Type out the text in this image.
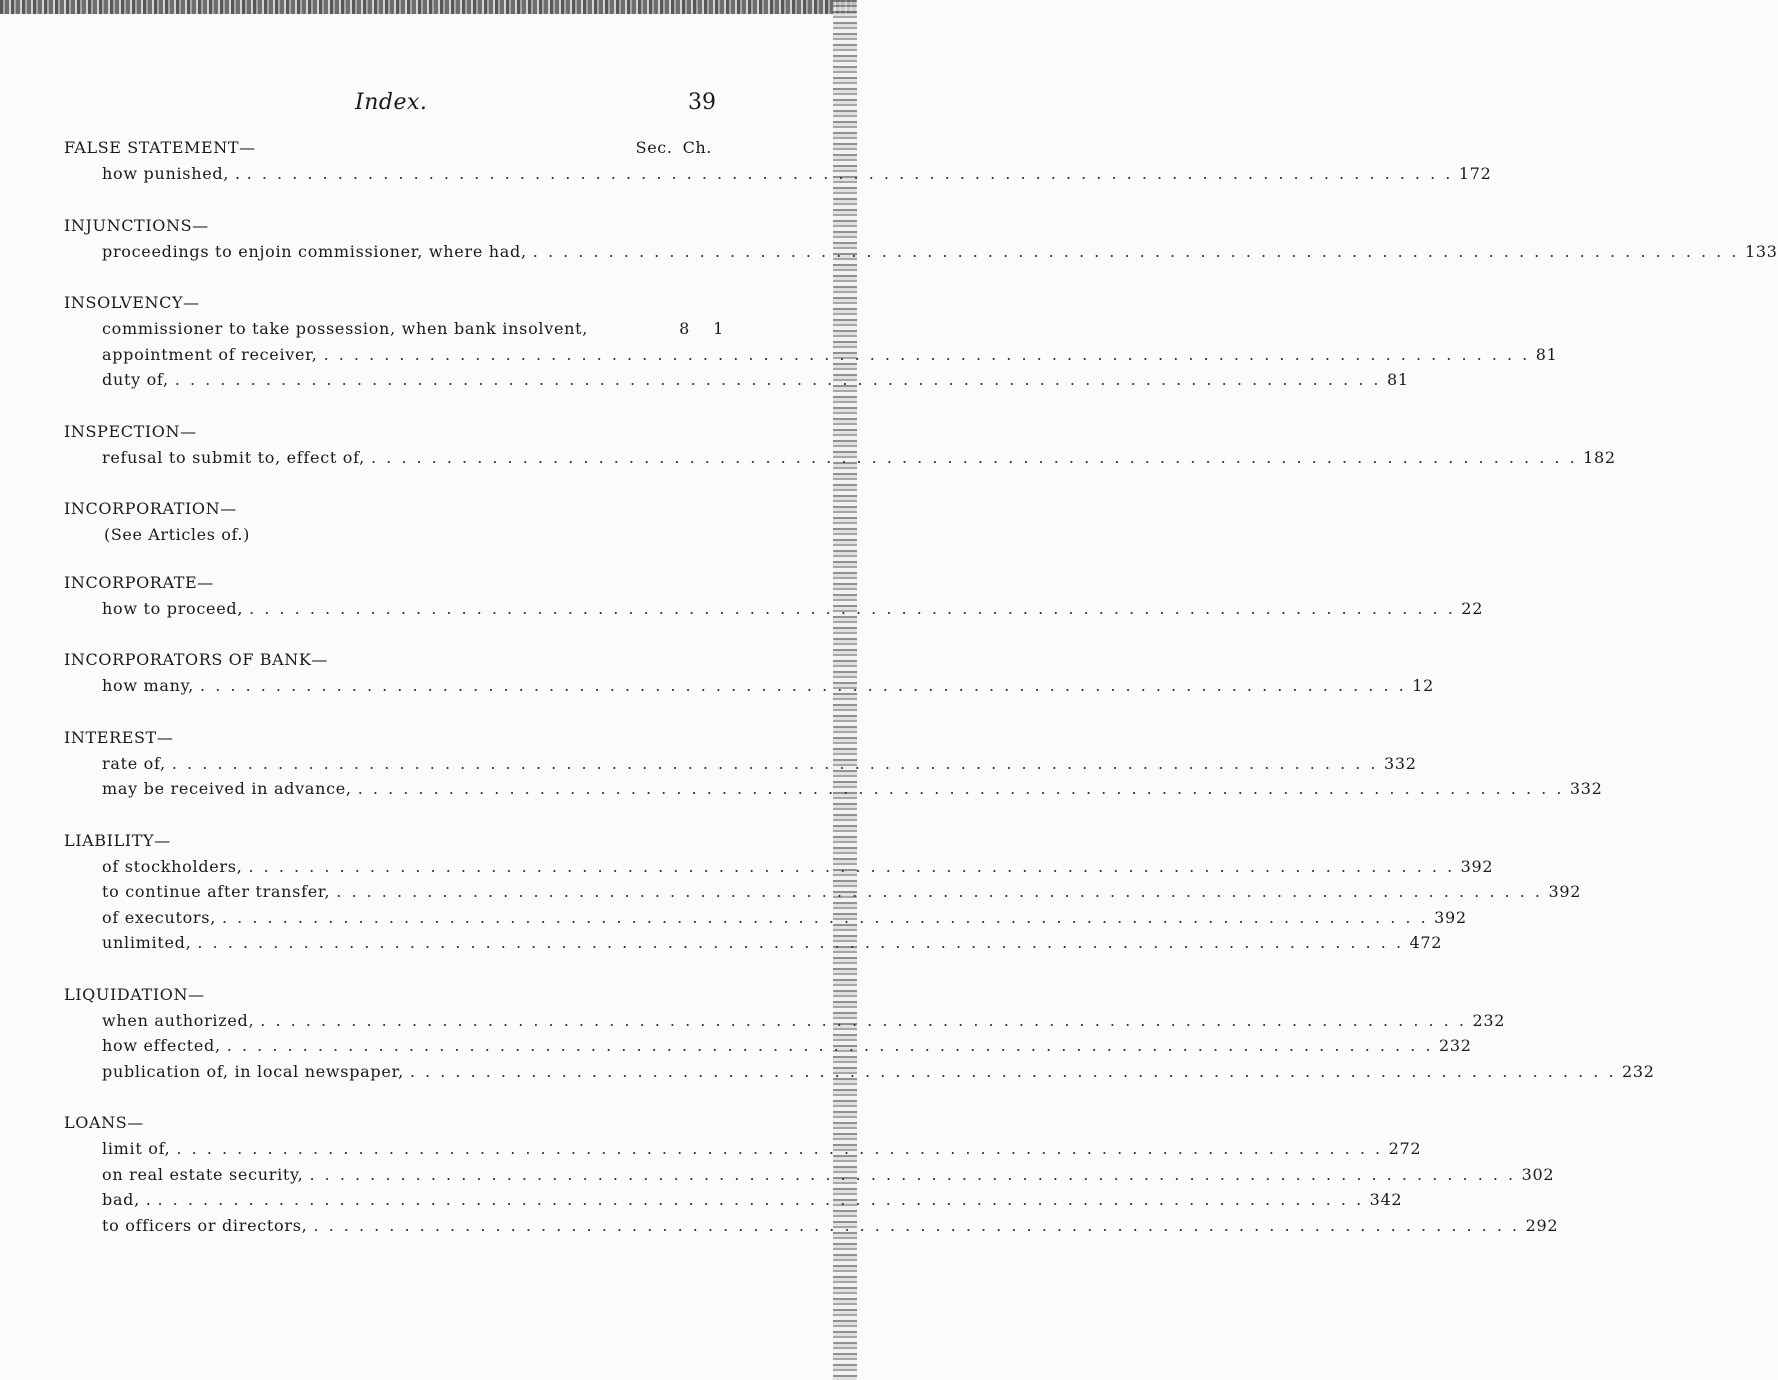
Index.	39
FALSE STATEMENT—	Sec. Ch.
how punished, . . . . . . . . . . . . . . . . . . . . . . . . . . . . . . . . . . . . . . . . . . . . . . . . . . . . . . . . . . . . . . . . . . . . . . . . . . . . . . . . . 17 2
INJUNCTIONS—
proceedings to enjoin commissioner, where had, . . . . . . . . . . . . . . . . . . . . . . . . . . . . . . . . . . . . . . . . . . . . . . . . . . . . . . . . . . . . . . . . . . . . . . . . . . . . . . . . 13 3
INSOLVENCY—
commissioner to take possession, when bank insolvent,	8	1
appointment of receiver, . . . . . . . . . . . . . . . . . . . . . . . . . . . . . . . . . . . . . . . . . . . . . . . . . . . . . . . . . . . . . . . . . . . . . . . . . . . . . . . . 8 1
duty of, . . . . . . . . . . . . . . . . . . . . . . . . . . . . . . . . . . . . . . . . . . . . . . . . . . . . . . . . . . . . . . . . . . . . . . . . . . . . . . . . 8 1
INSPECTION—
refusal to submit to, effect of, . . . . . . . . . . . . . . . . . . . . . . . . . . . . . . . . . . . . . . . . . . . . . . . . . . . . . . . . . . . . . . . . . . . . . . . . . . . . . . . . 18 2
INCORPORATION—
(See Articles of.)
INCORPORATE—
how to proceed, . . . . . . . . . . . . . . . . . . . . . . . . . . . . . . . . . . . . . . . . . . . . . . . . . . . . . . . . . . . . . . . . . . . . . . . . . . . . . . . . 2 2
INCORPORATORS OF BANK—
how many, . . . . . . . . . . . . . . . . . . . . . . . . . . . . . . . . . . . . . . . . . . . . . . . . . . . . . . . . . . . . . . . . . . . . . . . . . . . . . . . . 1 2
INTEREST—
rate of, . . . . . . . . . . . . . . . . . . . . . . . . . . . . . . . . . . . . . . . . . . . . . . . . . . . . . . . . . . . . . . . . . . . . . . . . . . . . . . . . 33 2
may be received in advance, . . . . . . . . . . . . . . . . . . . . . . . . . . . . . . . . . . . . . . . . . . . . . . . . . . . . . . . . . . . . . . . . . . . . . . . . . . . . . . . . 33 2
LIABILITY—
of stockholders, . . . . . . . . . . . . . . . . . . . . . . . . . . . . . . . . . . . . . . . . . . . . . . . . . . . . . . . . . . . . . . . . . . . . . . . . . . . . . . . . 39 2
to continue after transfer, . . . . . . . . . . . . . . . . . . . . . . . . . . . . . . . . . . . . . . . . . . . . . . . . . . . . . . . . . . . . . . . . . . . . . . . . . . . . . . . . 39 2
of executors, . . . . . . . . . . . . . . . . . . . . . . . . . . . . . . . . . . . . . . . . . . . . . . . . . . . . . . . . . . . . . . . . . . . . . . . . . . . . . . . . 39 2
unlimited, . . . . . . . . . . . . . . . . . . . . . . . . . . . . . . . . . . . . . . . . . . . . . . . . . . . . . . . . . . . . . . . . . . . . . . . . . . . . . . . . 47 2
LIQUIDATION—
when authorized, . . . . . . . . . . . . . . . . . . . . . . . . . . . . . . . . . . . . . . . . . . . . . . . . . . . . . . . . . . . . . . . . . . . . . . . . . . . . . . . . 23 2
how effected, . . . . . . . . . . . . . . . . . . . . . . . . . . . . . . . . . . . . . . . . . . . . . . . . . . . . . . . . . . . . . . . . . . . . . . . . . . . . . . . . 23 2
publication of, in local newspaper, . . . . . . . . . . . . . . . . . . . . . . . . . . . . . . . . . . . . . . . . . . . . . . . . . . . . . . . . . . . . . . . . . . . . . . . . . . . . . . . . 23 2
LOANS—
limit of, . . . . . . . . . . . . . . . . . . . . . . . . . . . . . . . . . . . . . . . . . . . . . . . . . . . . . . . . . . . . . . . . . . . . . . . . . . . . . . . . 27 2
on real estate security, . . . . . . . . . . . . . . . . . . . . . . . . . . . . . . . . . . . . . . . . . . . . . . . . . . . . . . . . . . . . . . . . . . . . . . . . . . . . . . . . 30 2
bad, . . . . . . . . . . . . . . . . . . . . . . . . . . . . . . . . . . . . . . . . . . . . . . . . . . . . . . . . . . . . . . . . . . . . . . . . . . . . . . . . . 34 2
to officers or directors, . . . . . . . . . . . . . . . . . . . . . . . . . . . . . . . . . . . . . . . . . . . . . . . . . . . . . . . . . . . . . . . . . . . . . . . . . . . . . . . . 29 2
